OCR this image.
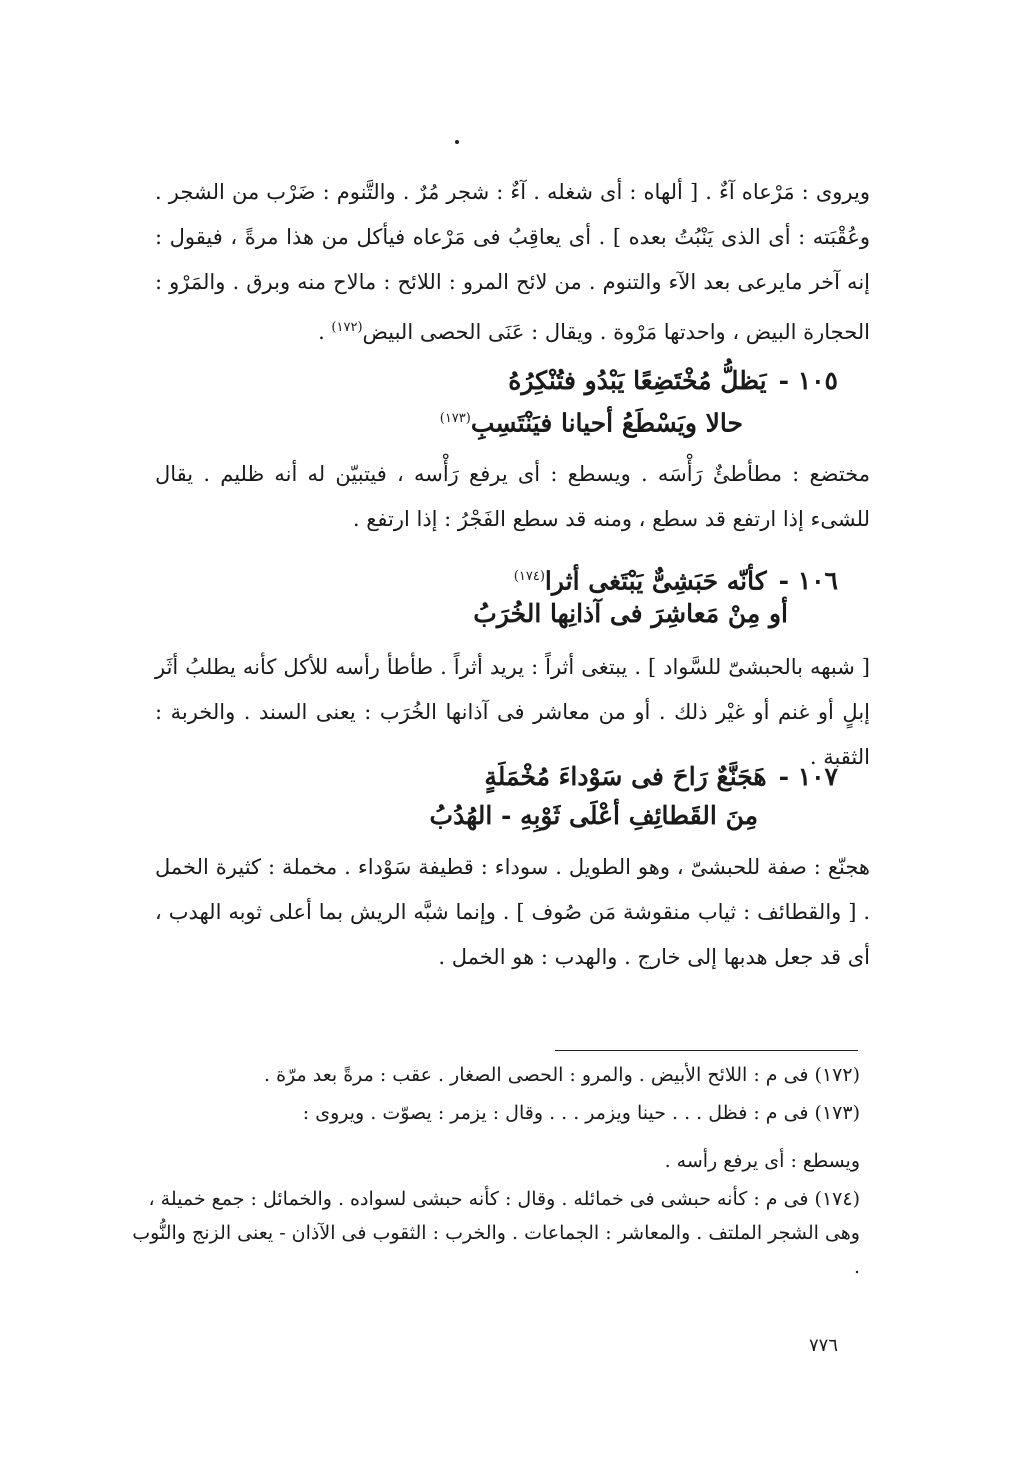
ويروى : مَرْعاه آءٌ . [ ألهاه : أى شغله . آءٌ : شجر مُرٌ . والتَّنوم : ضَرْب من الشجر . وعُقْبَته : أى الذى يَنْبُتُ بعده ] . أى يعاقِبُ فى مَرْعاه فيأكل من هذا مرةً ، فيقول : إنه آخر مايرعى بعد الآء والتنوم . من لائح المرو : اللائح : مالاح منه وبرق . والمَرْو : الحجارة البيض ، واحدتها مَرْوة . ويقال : عَنَى الحصى البيض$^{(١٧٢)}$ .
١٠٥ -يَظلُّ مُخْتَضِعًا يَبْدُو فتُنْكِرُهُ
حالا ويَسْطَعُ أحيانا فيَنْتَسِبِ$^{(١٧٣)}$
مختضع : مطأطئٌ رَأْسَه . ويسطع : أى يرفع رَأْسه ، فيتبيّن له أنه ظليم . يقال للشىء إذا ارتفع قد سطع ، ومنه قد سطع الفَجْرُ : إذا ارتفع .
١٠٦ -كأنّه حَبَشِىٌّ يَبْتَغى أثرا$^{(١٧٤)}$
أو مِنْ مَعاشِرَ فى آذانِها الخُرَبُ
[ شبهه بالحبشىّ للسَّواد ] . يبتغى أثراً : يريد أثراً . طأطأ رأسه للأكل كأنه يطلبُ أثَر إبلٍ أو غنم أو غيْر ذلك . أو من معاشر فى آذانها الخُرَب : يعنى السند . والخربة : الثقبة .
١٠٧ -هَجَنَّعٌ رَاحَ فى سَوْداءَ مُخْمَلَةٍ
مِنَ القَطائِفِ أعْلَى ثَوْبِهِ - الهُدُبُ
هجنّع : صفة للحبشىّ ، وهو الطويل . سوداء : قطيفة سَوْداء . مخملة : كثيرة الخمل . [ والقطائف : ثياب منقوشة مَن صُوف ] . وإنما شبَّه الريش بما أعلى ثوبه الهدب ، أى قد جعل هدبها إلى خارج . والهدب : هو الخمل .

(١٧٢) فى م : اللائح الأبيض . والمرو : الحصى الصغار . عقب : مرةً بعد مرّة .

(١٧٣) فى م : فظل . . . حينا ويزمر . . . وقال : يزمر : يصوّت . ويروى :

ويسطع : أى يرفع رأسه .

(١٧٤) فى م : كأنه حبشى فى خمائله . وقال : كأنه حبشى لسواده . والخمائل : جمع خميلة ، وهى الشجر الملتف . والمعاشر : الجماعات . والخرب : الثقوب فى الآذان - يعنى الزنج والنُّوب .

٧٧٦
